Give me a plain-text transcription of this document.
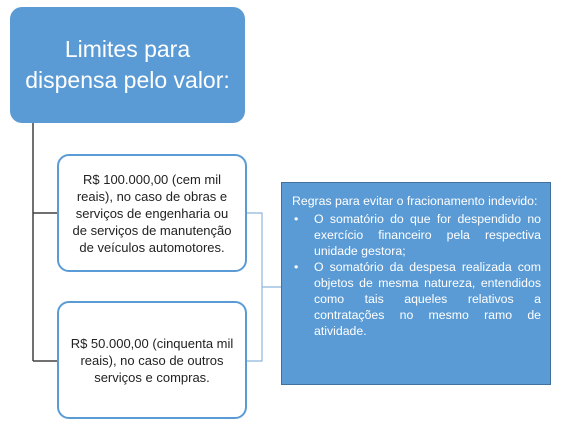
Limites para dispensa pelo valor:
R$ 100.000,00 (cem mil reais), no caso de obras e serviços de engenharia ou de serviços de manutenção de veículos automotores.
R$ 50.000,00 (cinquenta mil reais), no caso de outros serviços e compras.
Regras para evitar o fracionamento indevido:
• O somatório do que for despendido no exercício financeiro pela respectiva unidade gestora;
• O somatório da despesa realizada com objetos de mesma natureza, entendidos como tais aqueles relativos a contratações no mesmo ramo de atividade.
